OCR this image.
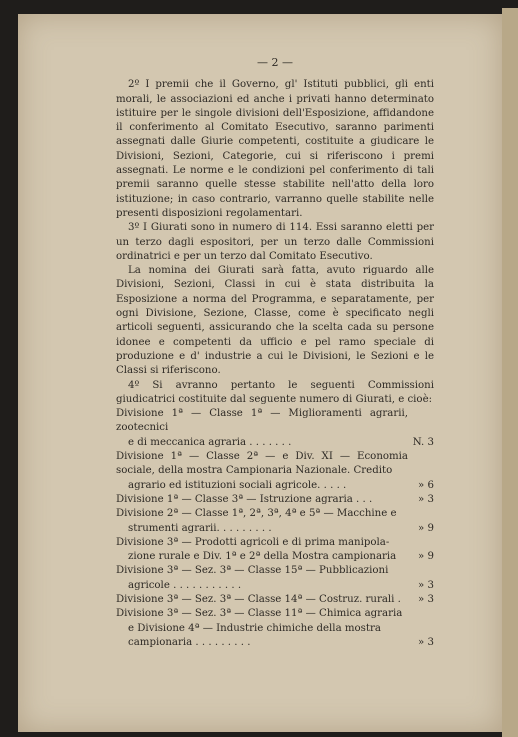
— 2 —

2º I premii che il Governo, gl' Istituti pubblici, gli enti morali, le associazioni ed anche i privati hanno determinato istituire per le singole divisioni dell'Esposizione, affidandone il conferimento al Comitato Esecutivo, saranno parimenti assegnati dalle Giurie competenti, costituite a giudicare le Divisioni, Sezioni, Categorie, cui si riferiscono i premi assegnati. Le norme e le condizioni pel conferimento di tali premii saranno quelle stesse stabilite nell'atto della loro istituzione; in caso contrario, varranno quelle stabilite nelle presenti disposizioni regolamentari.

3º I Giurati sono in numero di 114. Essi saranno eletti per un terzo dagli espositori, per un terzo dalle Commissioni ordinatrici e per un terzo dal Comitato Esecutivo.

La nomina dei Giurati sarà fatta, avuto riguardo alle Divisioni, Sezioni, Classi in cui è stata distribuita la Esposizione a norma del Programma, e separatamente, per ogni Divisione, Sezione, Classe, come è specificato negli articoli seguenti, assicurando che la scelta cada su persone idonee e competenti da ufficio e pel ramo speciale di produzione e d' industrie a cui le Divisioni, le Sezioni e le Classi si riferiscono.

4º Si avranno pertanto le seguenti Commissioni giudicatrici costituite dal seguente numero di Giurati, e cioè:

Divisione 1ª — Classe 1ª — Miglioramenti agrarii, zootecnici
e di meccanica agraria . . . . . . .	N. 3
Divisione 1ª — Classe 2ª — e Div. XI — Economia sociale, della mostra Campionaria Nazionale. Credito
agrario ed istituzioni sociali agricole. . . . .	» 6
Divisione 1ª — Classe 3ª — Istruzione agraria . . .	» 3
Divisione 2ª — Classe 1ª, 2ª, 3ª, 4ª e 5ª — Macchine e
strumenti agrarii. . . . . . . . .	» 9
Divisione 3ª — Prodotti agricoli e di prima manipola-
zione rurale e Div. 1ª e 2ª della Mostra campionaria	» 9
Divisione 3ª — Sez. 3ª — Classe 15ª — Pubblicazioni
agricole . . . . . . . . . . .	» 3
Divisione 3ª — Sez. 3ª — Classe 14ª — Costruz. rurali .	» 3
Divisione 3ª — Sez. 3ª — Classe 11ª — Chimica agraria
e Divisione 4ª — Industrie chimiche della mostra
campionaria . . . . . . . . .	» 3
